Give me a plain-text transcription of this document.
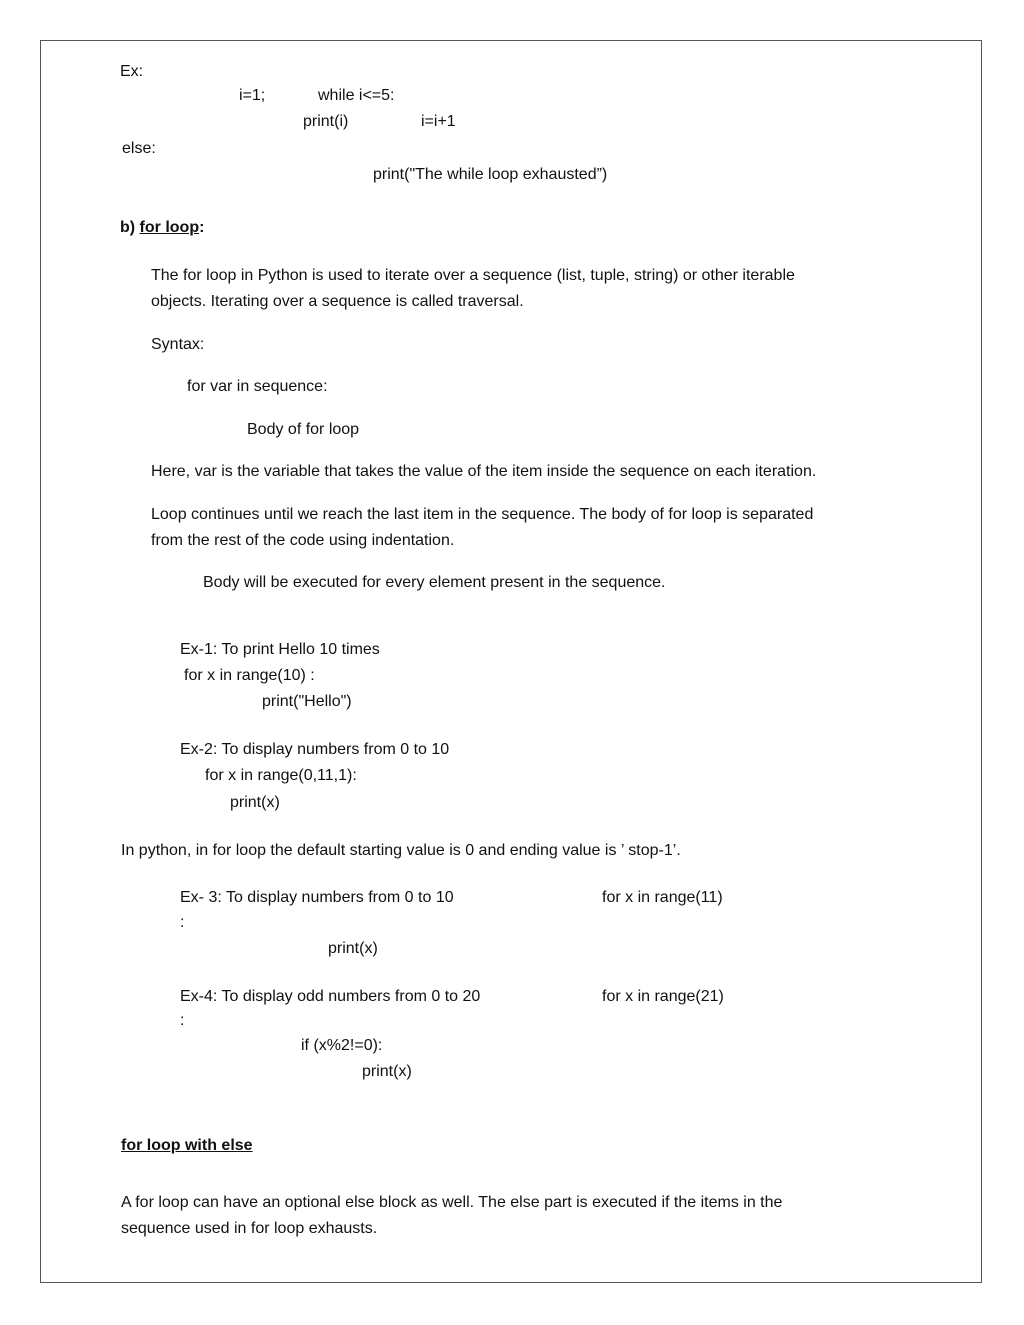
Ex:
i=1;	while i<=5:
print(i)	i=i+1
else:
print("The while loop exhausted”)
b) for loop:
The for loop in Python is used to iterate over a sequence (list, tuple, string) or other iterable
objects. Iterating over a sequence is called traversal.
Syntax:
for var in sequence:
Body of for loop
Here, var is the variable that takes the value of the item inside the sequence on each iteration.
Loop continues until we reach the last item in the sequence. The body of for loop is separated
from the rest of the code using indentation.
Body will be executed for every element present in the sequence.
Ex-1: To print Hello 10 times
for x in range(10) :
print("Hello")
Ex-2: To display numbers from 0 to 10
for x in range(0,11,1):
print(x)
In python, in for loop the default starting value is 0 and ending value is ’ stop-1’.
Ex- 3: To display numbers from 0 to 10	for x in range(11)
:
print(x)
Ex-4: To display odd numbers from 0 to 20	for x in range(21)
:
if (x%2!=0):
print(x)
for loop with else
A for loop can have an optional else block as well. The else part is executed if the items in the
sequence used in for loop exhausts.
